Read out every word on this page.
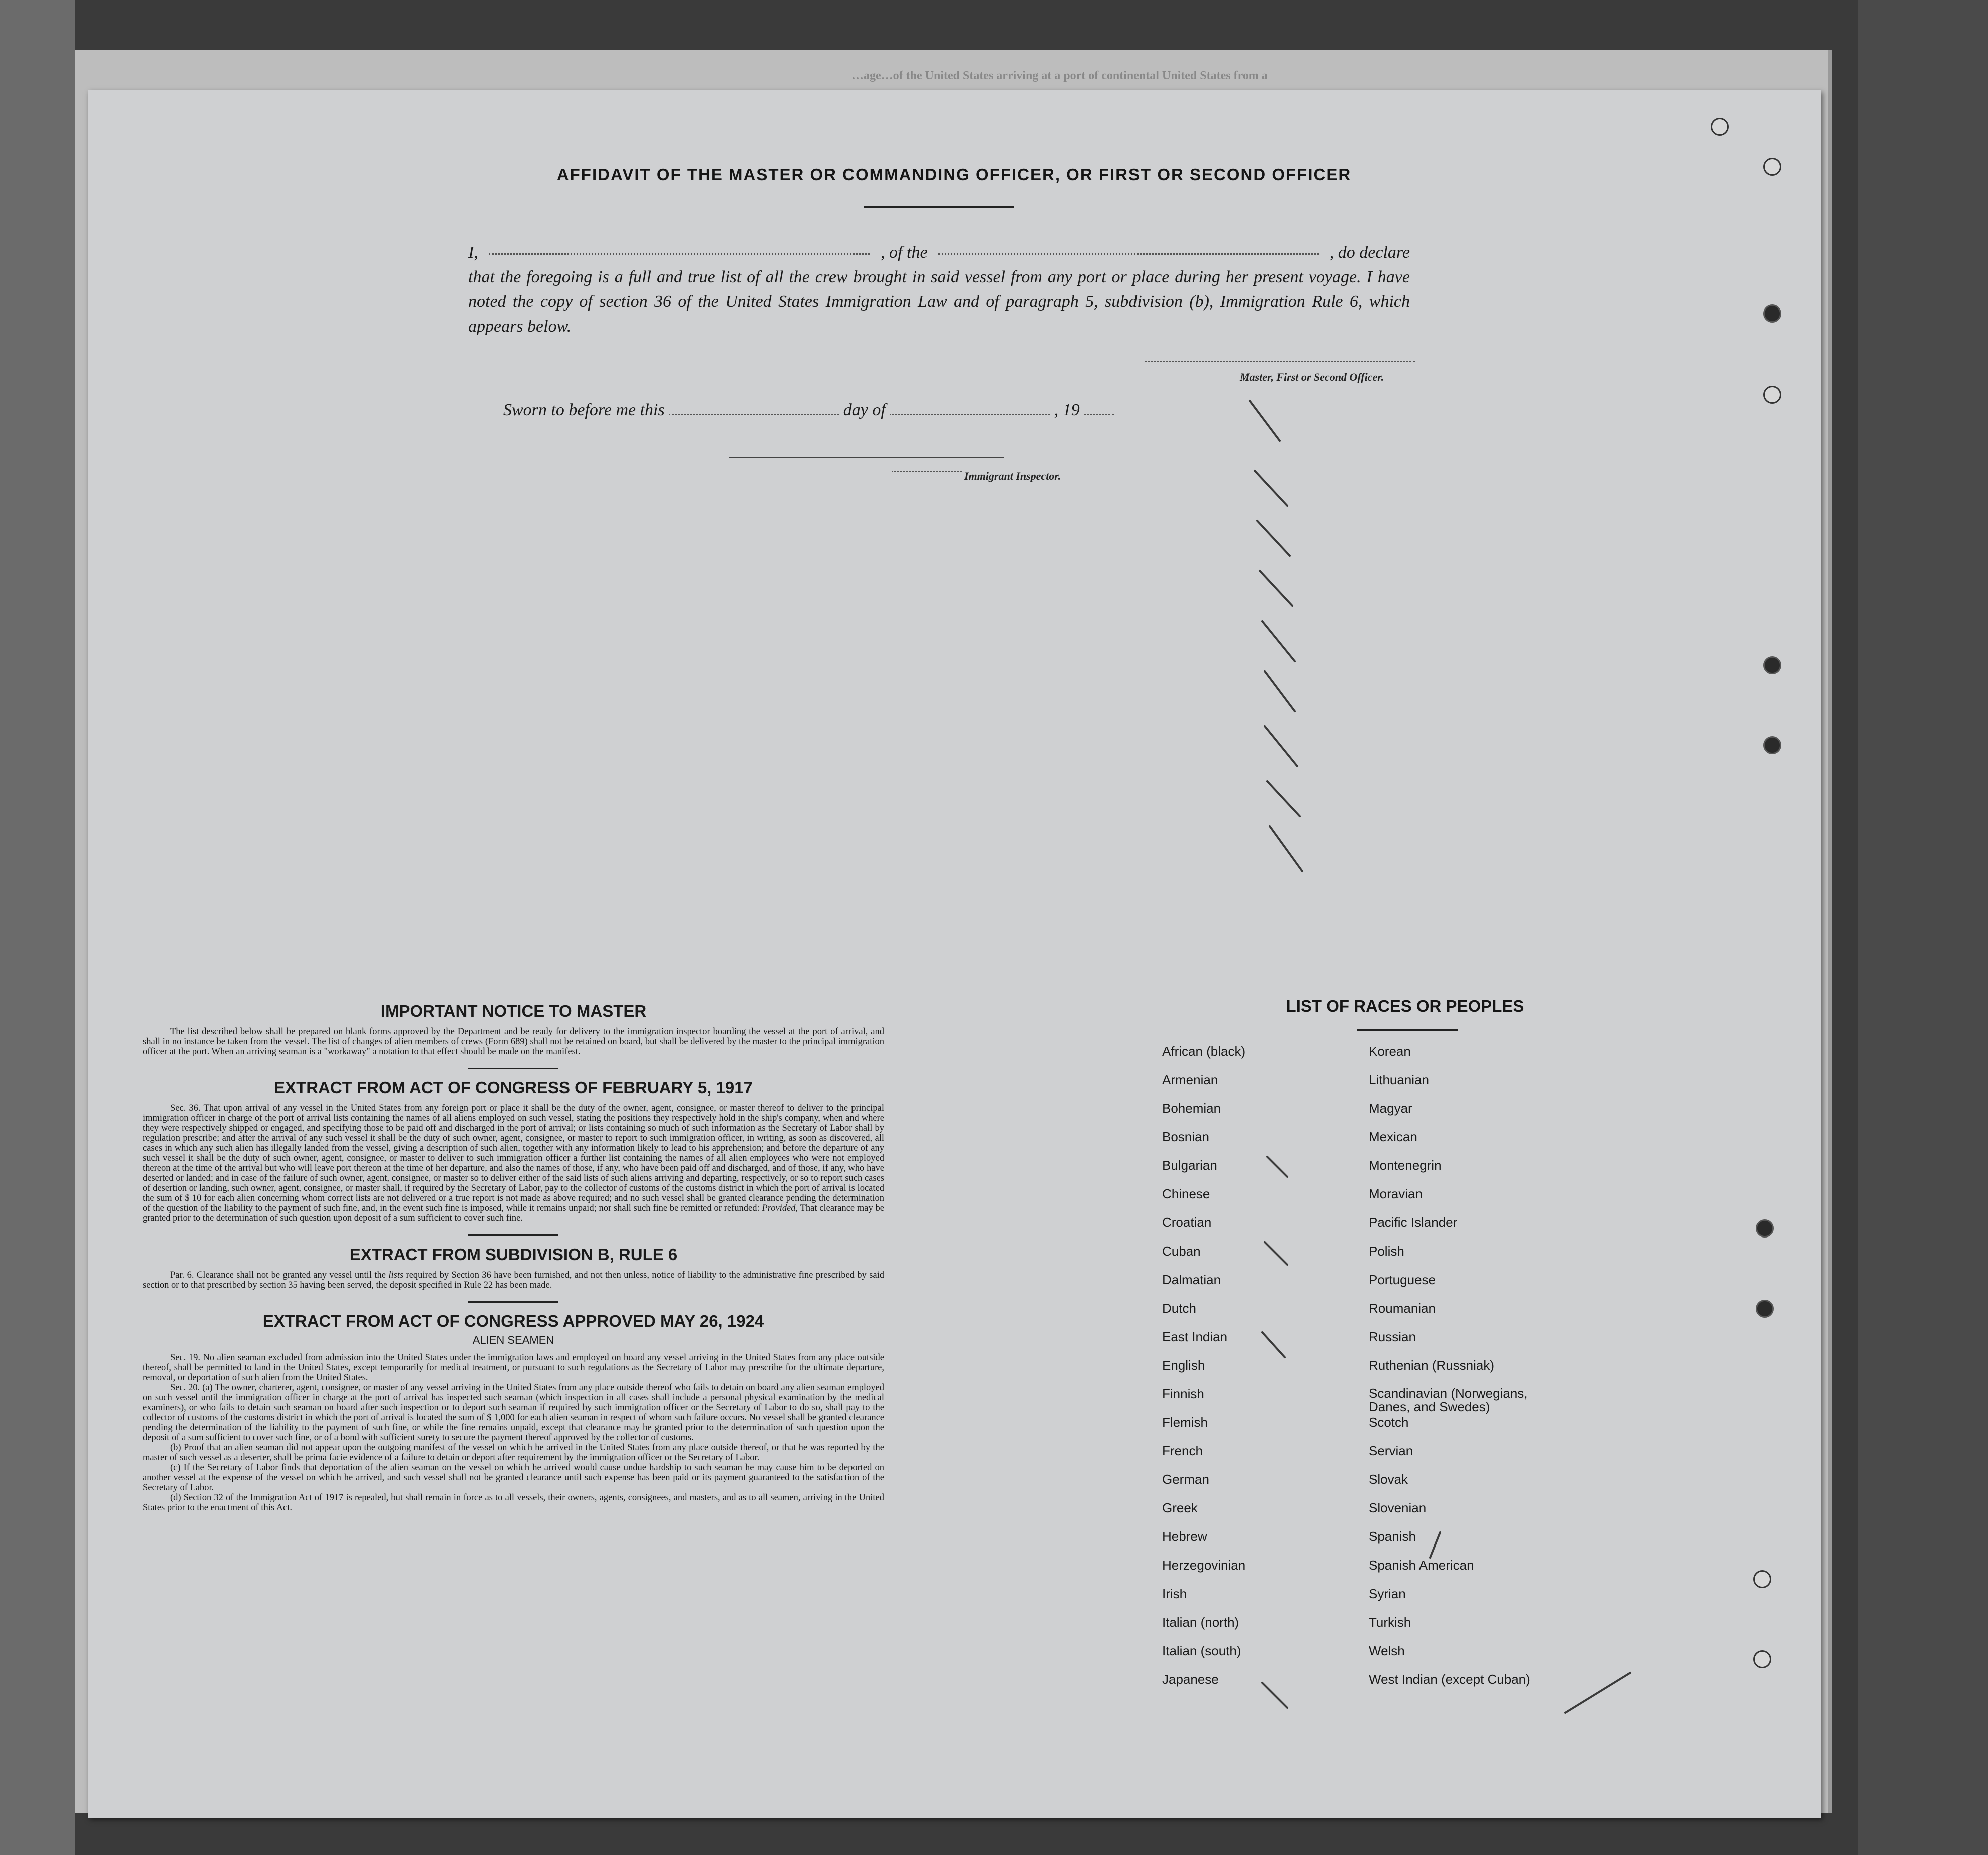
…age…of the United States arriving at a port of continental United States from a
AFFIDAVIT OF THE MASTER OR COMMANDING OFFICER, OR FIRST OR SECOND OFFICER
I,	, of the	, do declare
that the foregoing is a full and true list of all the crew brought in said vessel from any port or place during her present voyage. I have noted the copy of section 36 of the United States Immigration Law and of paragraph 5, subdivision (b), Immigration Rule 6, which appears below.
Master, First or Second Officer.
Sworn to before me this	day of	, 19
Immigrant Inspector.
IMPORTANT NOTICE TO MASTER

The list described below shall be prepared on blank forms approved by the Department and be ready for delivery to the immigration inspector boarding the vessel at the port of arrival, and shall in no instance be taken from the vessel. The list of changes of alien members of crews (Form 689) shall not be retained on board, but shall be delivered by the master to the principal immigration officer at the port. When an arriving seaman is a "workaway" a notation to that effect should be made on the manifest.

EXTRACT FROM ACT OF CONGRESS OF FEBRUARY 5, 1917

Sec. 36. That upon arrival of any vessel in the United States from any foreign port or place it shall be the duty of the owner, agent, consignee, or master thereof to deliver to the principal immigration officer in charge of the port of arrival lists containing the names of all aliens employed on such vessel, stating the positions they respectively hold in the ship's company, when and where they were respectively shipped or engaged, and specifying those to be paid off and discharged in the port of arrival; or lists containing so much of such information as the Secretary of Labor shall by regulation prescribe; and after the arrival of any such vessel it shall be the duty of such owner, agent, consignee, or master to report to such immigration officer, in writing, as soon as discovered, all cases in which any such alien has illegally landed from the vessel, giving a description of such alien, together with any information likely to lead to his apprehension; and before the departure of any such vessel it shall be the duty of such owner, agent, consignee, or master to deliver to such immigration officer a further list containing the names of all alien employees who were not employed thereon at the time of the arrival but who will leave port thereon at the time of her departure, and also the names of those, if any, who have been paid off and discharged, and of those, if any, who have deserted or landed; and in case of the failure of such owner, agent, consignee, or master so to deliver either of the said lists of such aliens arriving and departing, respectively, or so to report such cases of desertion or landing, such owner, agent, consignee, or master shall, if required by the Secretary of Labor, pay to the collector of customs of the customs district in which the port of arrival is located the sum of $ 10 for each alien concerning whom correct lists are not delivered or a true report is not made as above required; and no such vessel shall be granted clearance pending the determination of the question of the liability to the payment of such fine, and, in the event such fine is imposed, while it remains unpaid; nor shall such fine be remitted or refunded: Provided, That clearance may be granted prior to the determination of such question upon deposit of a sum sufficient to cover such fine.

EXTRACT FROM SUBDIVISION B, RULE 6

Par. 6. Clearance shall not be granted any vessel until the lists required by Section 36 have been furnished, and not then unless, notice of liability to the administrative fine prescribed by said section or to that prescribed by section 35 having been served, the deposit specified in Rule 22 has been made.

EXTRACT FROM ACT OF CONGRESS APPROVED MAY 26, 1924
ALIEN SEAMEN

Sec. 19. No alien seaman excluded from admission into the United States under the immigration laws and employed on board any vessel arriving in the United States from any place outside thereof, shall be permitted to land in the United States, except temporarily for medical treatment, or pursuant to such regulations as the Secretary of Labor may prescribe for the ultimate departure, removal, or deportation of such alien from the United States.

Sec. 20. (a) The owner, charterer, agent, consignee, or master of any vessel arriving in the United States from any place outside thereof who fails to detain on board any alien seaman employed on such vessel until the immigration officer in charge at the port of arrival has inspected such seaman (which inspection in all cases shall include a personal physical examination by the medical examiners), or who fails to detain such seaman on board after such inspection or to deport such seaman if required by such immigration officer or the Secretary of Labor to do so, shall pay to the collector of customs of the customs district in which the port of arrival is located the sum of $ 1,000 for each alien seaman in respect of whom such failure occurs. No vessel shall be granted clearance pending the determination of the liability to the payment of such fine, or while the fine remains unpaid, except that clearance may be granted prior to the determination of such question upon the deposit of a sum sufficient to cover such fine, or of a bond with sufficient surety to secure the payment thereof approved by the collector of customs.

(b) Proof that an alien seaman did not appear upon the outgoing manifest of the vessel on which he arrived in the United States from any place outside thereof, or that he was reported by the master of such vessel as a deserter, shall be prima facie evidence of a failure to detain or deport after requirement by the immigration officer or the Secretary of Labor.

(c) If the Secretary of Labor finds that deportation of the alien seaman on the vessel on which he arrived would cause undue hardship to such seaman he may cause him to be deported on another vessel at the expense of the vessel on which he arrived, and such vessel shall not be granted clearance until such expense has been paid or its payment guaranteed to the satisfaction of the Secretary of Labor.

(d) Section 32 of the Immigration Act of 1917 is repealed, but shall remain in force as to all vessels, their owners, agents, consignees, and masters, and as to all seamen, arriving in the United States prior to the enactment of this Act.

LIST OF RACES OR PEOPLES
African (black)
Armenian
Bohemian
Bosnian
Bulgarian
Chinese
Croatian
Cuban
Dalmatian
Dutch
East Indian
English
Finnish
Flemish
French
German
Greek
Hebrew
Herzegovinian
Irish
Italian (north)
Italian (south)
Japanese
Korean
Lithuanian
Magyar
Mexican
Montenegrin
Moravian
Pacific Islander
Polish
Portuguese
Roumanian
Russian
Ruthenian (Russniak)
Scandinavian (Norwegians, Danes, and Swedes)
Scotch
Servian
Slovak
Slovenian
Spanish
Spanish American
Syrian
Turkish
Welsh
West Indian (except Cuban)
